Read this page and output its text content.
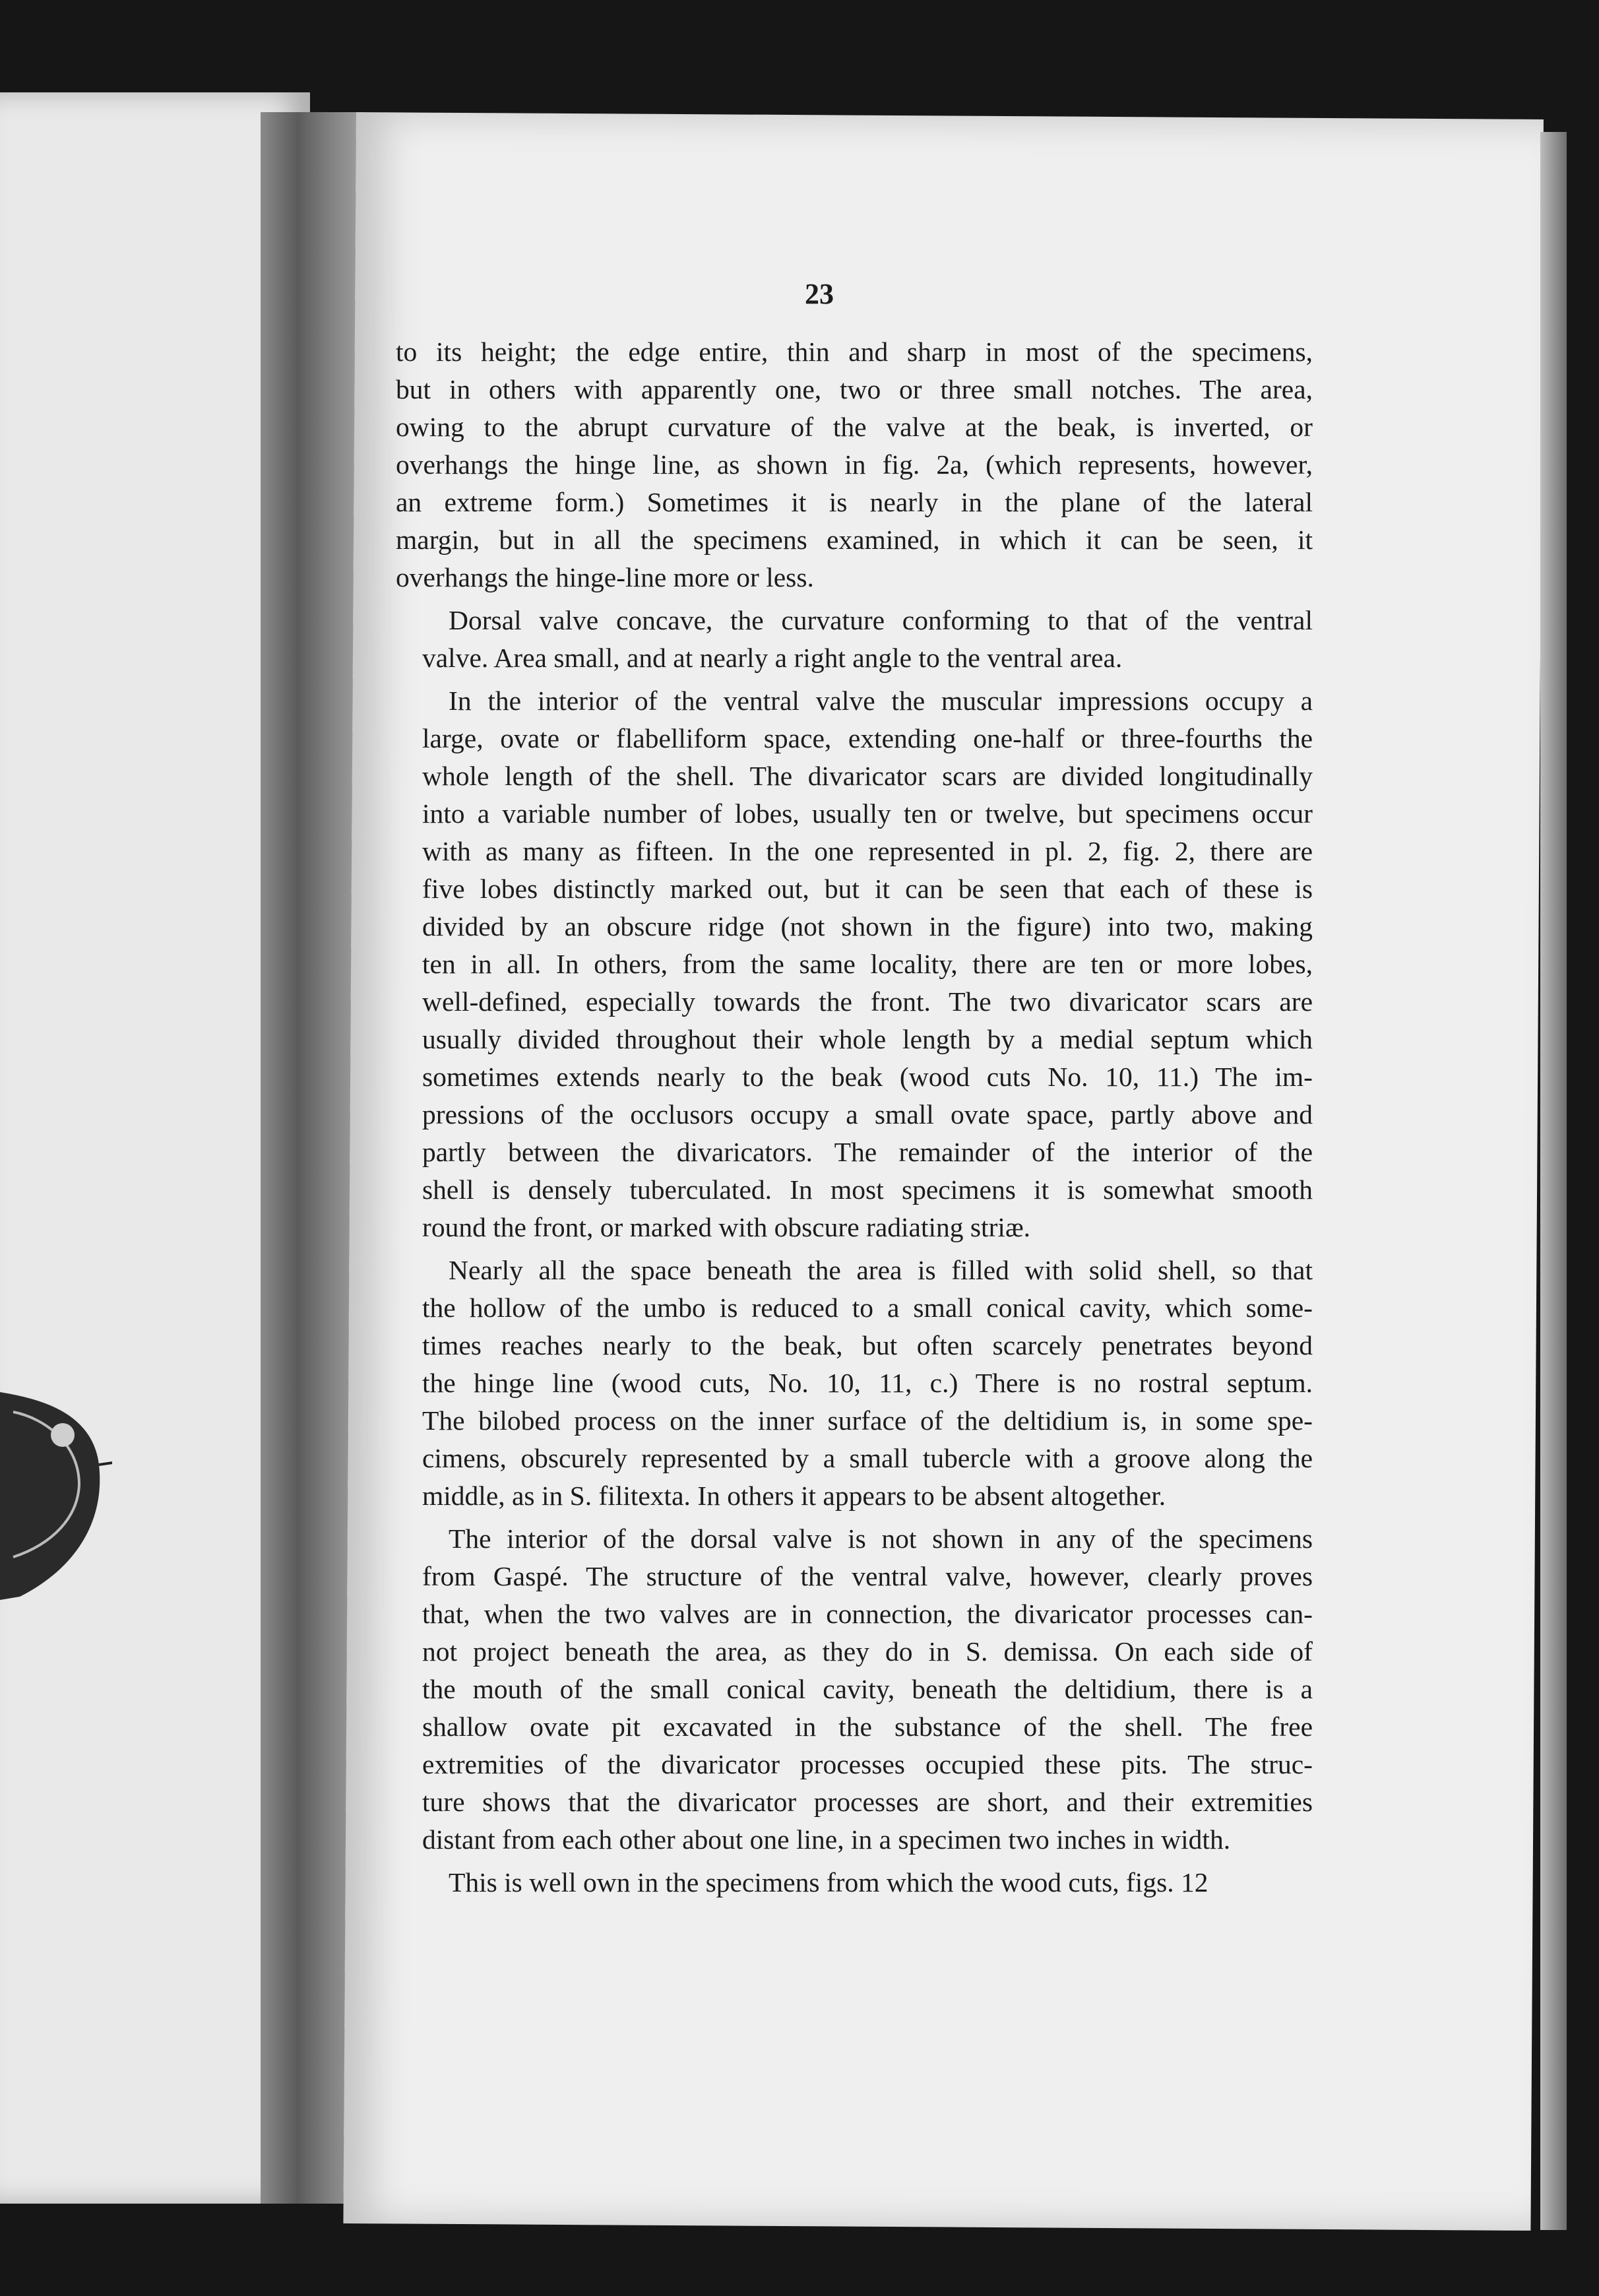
23
to its height; the edge entire, thin and sharp in most of the specimens,
but in others with apparently one, two or three small notches. The area,
owing to the abrupt curvature of the valve at the beak, is inverted, or
overhangs the hinge line, as shown in fig. 2a, (which represents, however,
an extreme form.) Sometimes it is nearly in the plane of the lateral
margin, but in all the specimens examined, in which it can be seen, it
overhangs the hinge-line more or less.
Dorsal valve concave, the curvature conforming to that of the ventral
valve. Area small, and at nearly a right angle to the ventral area.
In the interior of the ventral valve the muscular impressions occupy a
large, ovate or flabelliform space, extending one-half or three-fourths the
whole length of the shell. The divaricator scars are divided longitudinally
into a variable number of lobes, usually ten or twelve, but specimens occur
with as many as fifteen. In the one represented in pl. 2, fig. 2, there are
five lobes distinctly marked out, but it can be seen that each of these is
divided by an obscure ridge (not shown in the figure) into two, making
ten in all. In others, from the same locality, there are ten or more lobes,
well-defined, especially towards the front. The two divaricator scars are
usually divided throughout their whole length by a medial septum which
sometimes extends nearly to the beak (wood cuts No. 10, 11.) The im-
pressions of the occlusors occupy a small ovate space, partly above and
partly between the divaricators. The remainder of the interior of the
shell is densely tuberculated. In most specimens it is somewhat smooth
round the front, or marked with obscure radiating striæ.
Nearly all the space beneath the area is filled with solid shell, so that
the hollow of the umbo is reduced to a small conical cavity, which some-
times reaches nearly to the beak, but often scarcely penetrates beyond
the hinge line (wood cuts, No. 10, 11, c.) There is no rostral septum.
The bilobed process on the inner surface of the deltidium is, in some spe-
cimens, obscurely represented by a small tubercle with a groove along the
middle, as in S. filitexta. In others it appears to be absent altogether.
The interior of the dorsal valve is not shown in any of the specimens
from Gaspé. The structure of the ventral valve, however, clearly proves
that, when the two valves are in connection, the divaricator processes can-
not project beneath the area, as they do in S. demissa. On each side of
the mouth of the small conical cavity, beneath the deltidium, there is a
shallow ovate pit excavated in the substance of the shell. The free
extremities of the divaricator processes occupied these pits. The struc-
ture shows that the divaricator processes are short, and their extremities
distant from each other about one line, in a specimen two inches in width.
This is well own in the specimens from which the wood cuts, figs. 12
